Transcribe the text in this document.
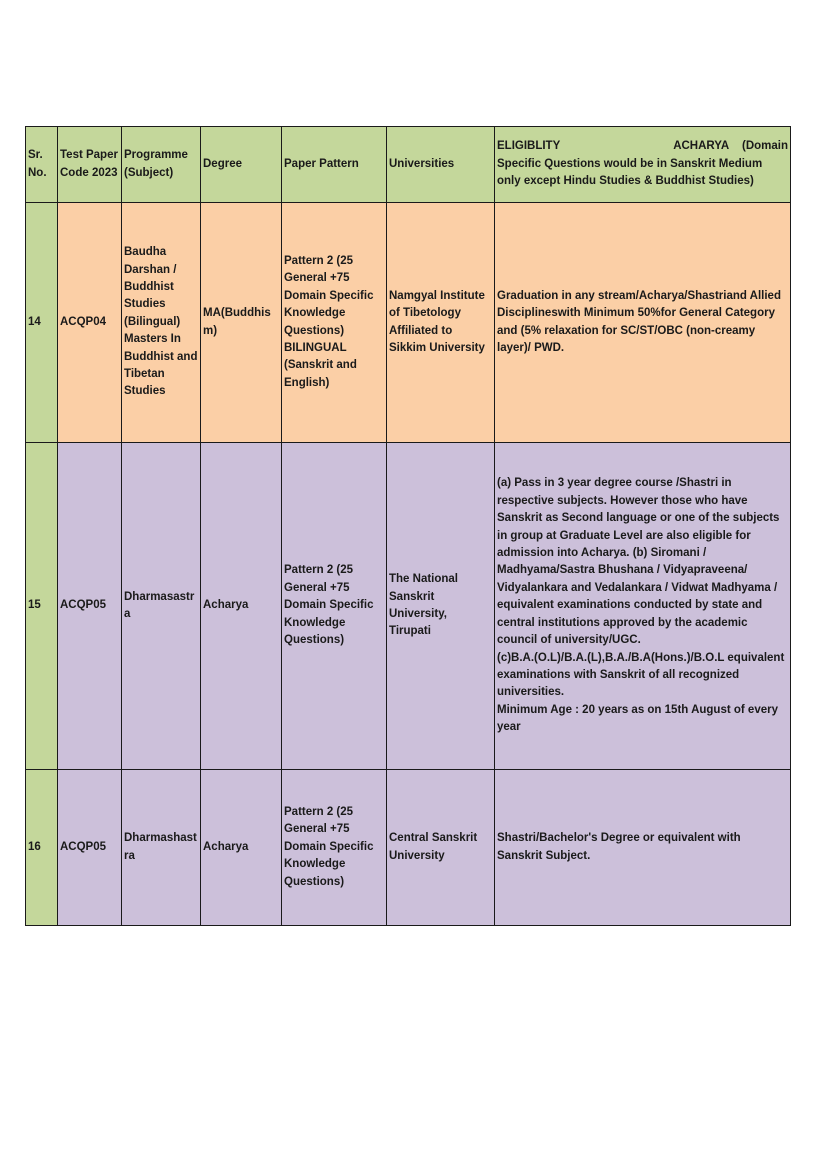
Sr. No.	Test Paper Code 2023	Programme (Subject)	Degree	Paper Pattern	Universities	ELIGIBLITY ACHARYA (Domain
Specific Questions would be in Sanskrit Medium only except Hindu Studies & Buddhist Studies)

14	ACQP04	Baudha Darshan / Buddhist Studies (Bilingual) Masters In Buddhist and Tibetan Studies	MA(Buddhism)	Pattern 2 (25 General +75 Domain Specific Knowledge Questions) BILINGUAL (Sanskrit and English)	Namgyal Institute of Tibetology Affiliated to Sikkim University	Graduation in any stream/Acharya/Shastriand Allied Disciplineswith Minimum 50%for General Category and (5% relaxation for SC/ST/OBC (non-creamy layer)/ PWD.
15	ACQP05	Dharmasastra	Acharya	Pattern 2 (25 General +75 Domain Specific Knowledge Questions)	The National Sanskrit University, Tirupati	(a) Pass in 3 year degree course /Shastri in respective subjects. However those who have Sanskrit as Second language or one of the subjects in group at Graduate Level are also eligible for admission into Acharya. (b) Siromani / Madhyama/Sastra Bhushana / Vidyapraveena/ Vidyalankara and Vedalankara / Vidwat Madhyama / equivalent examinations conducted by state and central institutions approved by the academic council of university/UGC.
(c)B.A.(O.L)/B.A.(L),B.A./B.A(Hons.)/B.O.L equivalent examinations with Sanskrit of all recognized universities.
Minimum Age : 20 years as on 15th August of every year

16	ACQP05	Dharmashastra	Acharya	Pattern 2 (25 General +75 Domain Specific Knowledge Questions)	Central Sanskrit University	Shastri/Bachelor's Degree or equivalent with Sanskrit Subject.
